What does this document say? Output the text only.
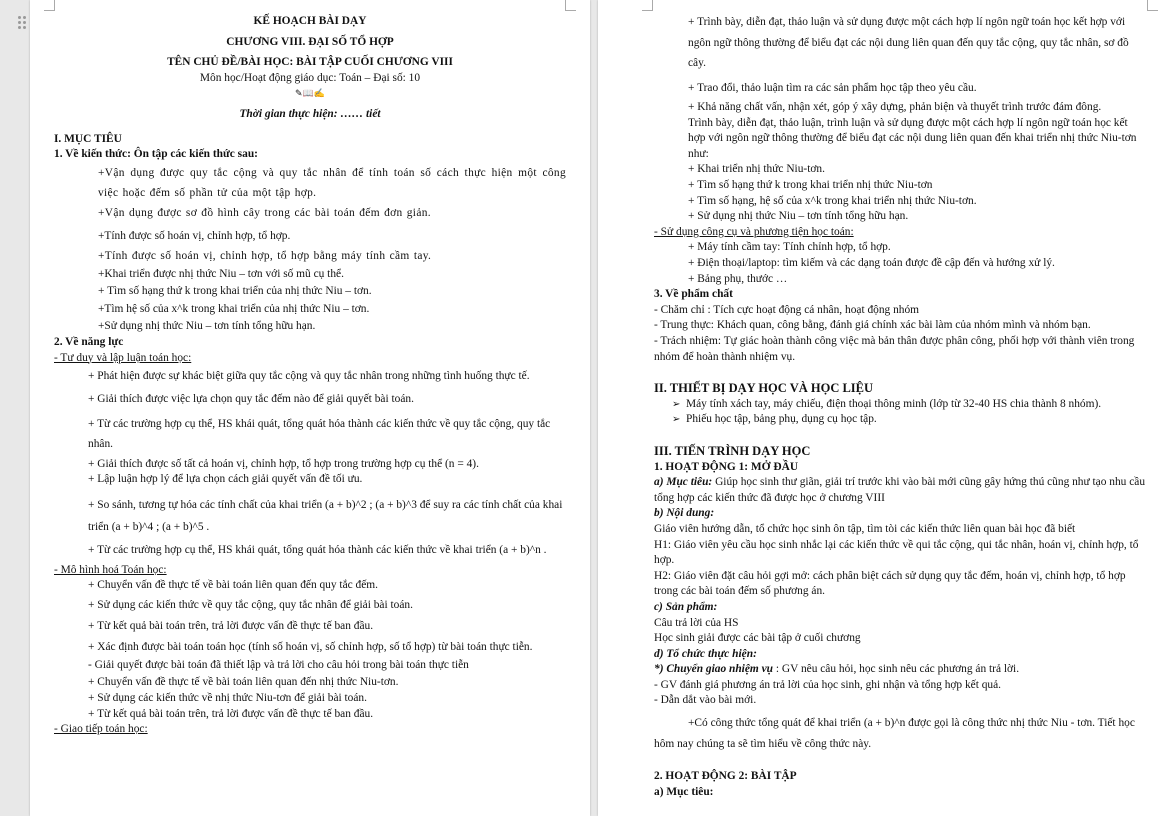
KẾ HOẠCH BÀI DẠY

CHƯƠNG VIII. ĐẠI SỐ TỔ HỢP

TÊN CHỦ ĐỀ/BÀI HỌC: BÀI TẬP CUỐI CHƯƠNG VIII

Môn học/Hoạt động giáo dục: Toán – Đại số: 10

✎📖✍

Thời gian thực hiện: …… tiết

I. MỤC TIÊU

1. Về kiến thức: Ôn tập các kiến thức sau:

+Vận dụng được quy tắc cộng và quy tắc nhân để tính toán số cách thực hiện một công việc hoặc đếm số phần tử của một tập hợp.

+Vận dụng được sơ đồ hình cây trong các bài toán đếm đơn giản.

+Tính được số hoán vị, chỉnh hợp, tổ hợp.

+Tính được số hoán vị, chỉnh hợp, tổ hợp bằng máy tính cầm tay.

+Khai triển được nhị thức Niu – tơn với số mũ cụ thể.

+ Tìm số hạng thứ k trong khai triển của nhị thức Niu – tơn.

+Tìm hệ số của x^k trong khai triển của nhị thức Niu – tơn.

+Sử dụng nhị thức Niu – tơn tính tổng hữu hạn.

2. Về năng lực

- Tư duy và lập luận toán học:

+ Phát hiện được sự khác biệt giữa quy tắc cộng và quy tắc nhân trong những tình huống thực tế.

+ Giải thích được việc lựa chọn quy tắc đếm nào để giải quyết bài toán.

+ Từ các trường hợp cụ thể, HS khái quát, tổng quát hóa thành các kiến thức về quy tắc cộng, quy tắc nhân.

+ Giải thích được số tất cả hoán vị, chỉnh hợp, tổ hợp trong trường hợp cụ thể (n = 4).

+ Lập luận hợp lý để lựa chọn cách giải quyết vấn đề tối ưu.

+ So sánh, tương tự hóa các tính chất của khai triển (a + b)^2 ; (a + b)^3 để suy ra các tính chất của khai triển (a + b)^4 ; (a + b)^5 .

+ Từ các trường hợp cụ thể, HS khái quát, tổng quát hóa thành các kiến thức về khai triển (a + b)^n .

- Mô hình hoá Toán học:

+ Chuyển vấn đề thực tế về bài toán liên quan đến quy tắc đếm.

+ Sử dụng các kiến thức về quy tắc cộng, quy tắc nhân để giải bài toán.

+ Từ kết quả bài toán trên, trả lời được vấn đề thực tế ban đầu.

+ Xác định được bài toán toán học (tính số hoán vị, số chỉnh hợp, số tổ hợp) từ bài toán thực tiễn.

- Giải quyết được bài toán đã thiết lập và trả lời cho câu hỏi trong bài toán thực tiễn

+ Chuyển vấn đề thực tế về bài toán liên quan đến nhị thức Niu-tơn.

+ Sử dụng các kiến thức về nhị thức Niu-tơn để giải bài toán.

+ Từ kết quả bài toán trên, trả lời được vấn đề thực tế ban đầu.

- Giao tiếp toán học:

+ Trình bày, diễn đạt, thảo luận và sử dụng được một cách hợp lí ngôn ngữ toán học kết hợp với ngôn ngữ thông thường để biểu đạt các nội dung liên quan đến quy tắc cộng, quy tắc nhân, sơ đồ cây.

+ Trao đổi, thảo luận tìm ra các sản phẩm học tập theo yêu cầu.

+ Khả năng chất vấn, nhận xét, góp ý xây dựng, phản biện và thuyết trình trước đám đông.

Trình bày, diễn đạt, thảo luận, trình luận và sử dụng được một cách hợp lí ngôn ngữ toán học kết hợp với ngôn ngữ thông thường để biểu đạt các nội dung liên quan đến khai triển nhị thức Niu-tơn như:

+ Khai triển nhị thức Niu-tơn.

+ Tìm số hạng thứ k trong khai triển nhị thức Niu-tơn

+ Tìm số hạng, hệ số của x^k trong khai triển nhị thức Niu-tơn.

+ Sử dụng nhị thức Niu – tơn tính tổng hữu hạn.

- Sử dụng công cụ và phương tiện học toán:

+ Máy tính cầm tay: Tính chỉnh hợp, tổ hợp.

+ Điện thoại/laptop: tìm kiếm và các dạng toán được đề cập đến và hướng xử lý.

+ Bảng phụ, thước …

3. Về phẩm chất

- Chăm chỉ : Tích cực hoạt động cá nhân, hoạt động nhóm

- Trung thực: Khách quan, công bằng, đánh giá chính xác bài làm của nhóm mình và nhóm bạn.

- Trách nhiệm: Tự giác hoàn thành công việc mà bản thân được phân công, phối hợp với thành viên trong nhóm để hoàn thành nhiệm vụ.

II. THIẾT BỊ DẠY HỌC VÀ HỌC LIỆU

➢ Máy tính xách tay, máy chiếu, điện thoại thông minh (lớp từ 32-40 HS chia thành 8 nhóm).

➢ Phiếu học tập, bảng phụ, dụng cụ học tập.

III. TIẾN TRÌNH DẠY HỌC

1. HOẠT ĐỘNG 1: MỞ ĐẦU

a) Mục tiêu: Giúp học sinh thư giãn, giải trí trước khi vào bài mới cũng gây hứng thú cũng như tạo nhu cầu tổng hợp các kiến thức đã được học ở chương VIII

b) Nội dung:

Giáo viên hướng dẫn, tổ chức học sinh ôn tập, tìm tòi các kiến thức liên quan bài học đã biết

H1: Giáo viên yêu cầu học sinh nhắc lại các kiến thức về qui tắc cộng, qui tắc nhân, hoán vị, chỉnh hợp, tổ hợp.

H2: Giáo viên đặt câu hỏi gợi mở: cách phân biệt cách sử dụng quy tắc đếm, hoán vị, chỉnh hợp, tổ hợp trong các bài toán đếm số phương án.

c) Sản phẩm:

Câu trả lời của HS

Học sinh giải được các bài tập ở cuối chương

d) Tổ chức thực hiện:

*) Chuyển giao nhiệm vụ : GV nêu câu hỏi, học sinh nêu các phương án trả lời.

- GV đánh giá phương án trả lời của học sinh, ghi nhận và tổng hợp kết quả.

- Dẫn dắt vào bài mới.

+Có công thức tổng quát để khai triển (a + b)^n được gọi là công thức nhị thức Niu - tơn. Tiết học hôm nay chúng ta sẽ tìm hiểu về công thức này.

2. HOẠT ĐỘNG 2: BÀI TẬP

a) Mục tiêu:
